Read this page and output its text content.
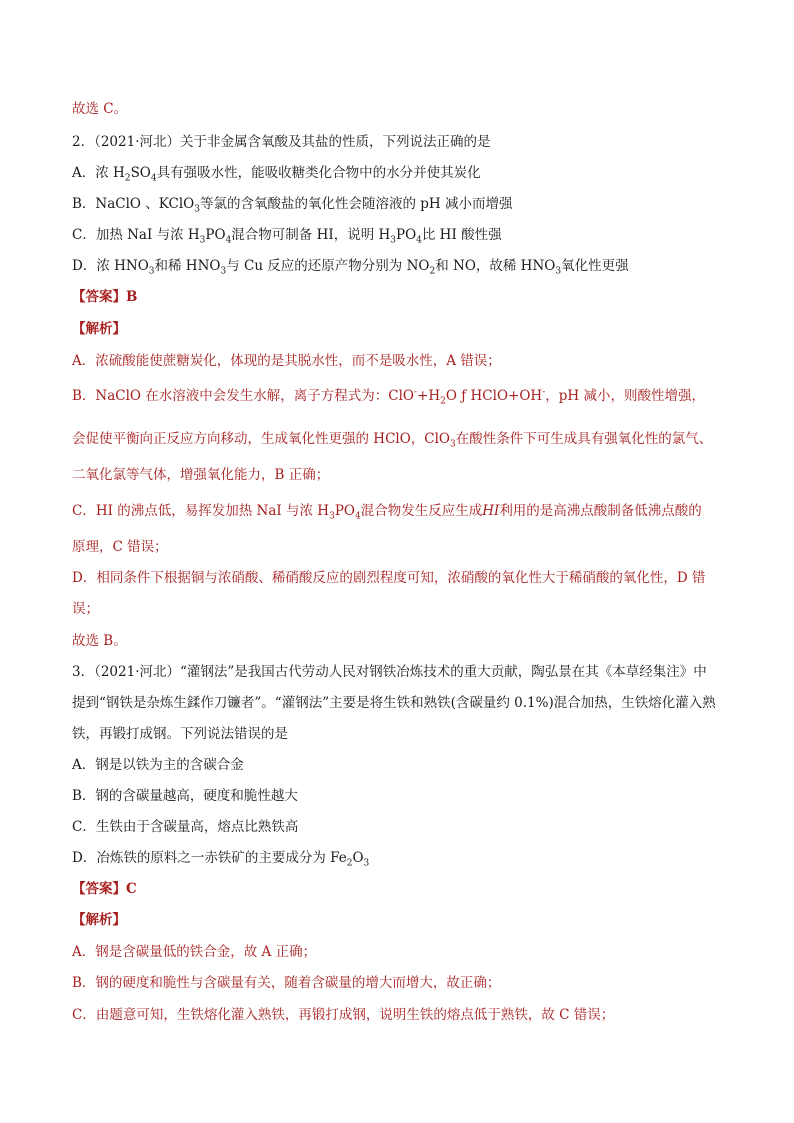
故选 C。
2．（2021·河北）关于非金属含氧酸及其盐的性质，下列说法正确的是
A．浓 $H_2SO_4$具有强吸水性，能吸收糖类化合物中的水分并使其炭化
B．NaClO 、KClO$_3$等氯的含氧酸盐的氧化性会随溶液的 pH 减小而增强
C．加热 NaI 与浓 $H_3PO_4$混合物可制备 HI，说明 $H_3PO_4$比 HI 酸性强
D．浓 $HNO_3$和稀 $HNO_3$与 Cu 反应的还原产物分别为 $NO_2$和 NO，故稀 $HNO_3$氧化性更强
【答案】B
【解析】
A．浓硫酸能使蔗糖炭化，体现的是其脱水性，而不是吸水性，A 错误；
B．NaClO 在水溶液中会发生水解，离子方程式为：$ClO^-+H_2O$ ƒ HClO+OH-，pH 减小，则酸性增强，
会促使平衡向正反应方向移动，生成氧化性更强的 HClO，ClO$_3$在酸性条件下可生成具有强氧化性的氯气、
二氧化氯等气体，增强氧化能力，B 正确；
C．HI 的沸点低，易挥发加热 NaI 与浓 $H_3PO_4$混合物发生反应生成HI利用的是高沸点酸制备低沸点酸的
原理，C 错误；
D．相同条件下根据铜与浓硝酸、稀硝酸反应的剧烈程度可知，浓硝酸的氧化性大于稀硝酸的氧化性，D 错
误；
故选 B。
3．（2021·河北）“灌钢法”是我国古代劳动人民对钢铁冶炼技术的重大贡献，陶弘景在其《本草经集注》中
提到“钢铁是杂炼生鍒作刀镰者”。“灌钢法”主要是将生铁和熟铁(含碳量约 0.1%)混合加热，生铁熔化灌入熟
铁，再锻打成钢。下列说法错误的是
A．钢是以铁为主的含碳合金
B．钢的含碳量越高，硬度和脆性越大
C．生铁由于含碳量高，熔点比熟铁高
D．冶炼铁的原料之一赤铁矿的主要成分为 $Fe_2O_3$
【答案】C
【解析】
A．钢是含碳量低的铁合金，故 A 正确；
B．钢的硬度和脆性与含碳量有关，随着含碳量的增大而增大，故正确；
C．由题意可知，生铁熔化灌入熟铁，再锻打成钢，说明生铁的熔点低于熟铁，故 C 错误；
